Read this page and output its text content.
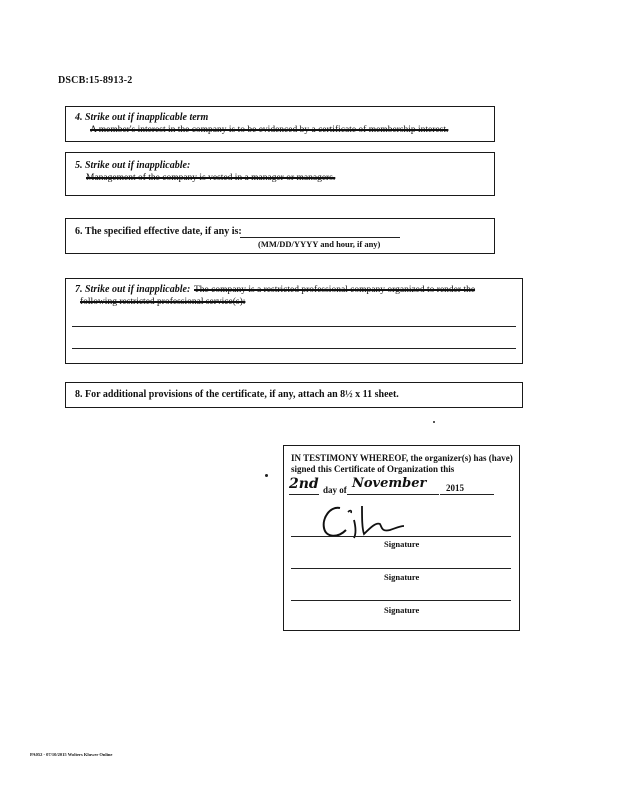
DSCB:15-8913-2
4. Strike out if inapplicable term
A member's interest in the company is to be evidenced by a certificate of membership interest.
5. Strike out if inapplicable:
Management of the company is vested in a manager or managers.
6. The specified effective date, if any is:
(MM/DD/YYYY and hour, if any)
7. Strike out if inapplicable: The company is a restricted professional company organized to render the
following restricted professional service(s):
8. For additional provisions of the certificate, if any, attach an 8½ x 11 sheet.
IN TESTIMONY WHEREOF, the organizer(s) has (have)
signed this Certificate of Organization this
2nd day of November 2015
Signature
Signature
Signature
PA052 - 07/10/2015 Wolters Kluwer Online
